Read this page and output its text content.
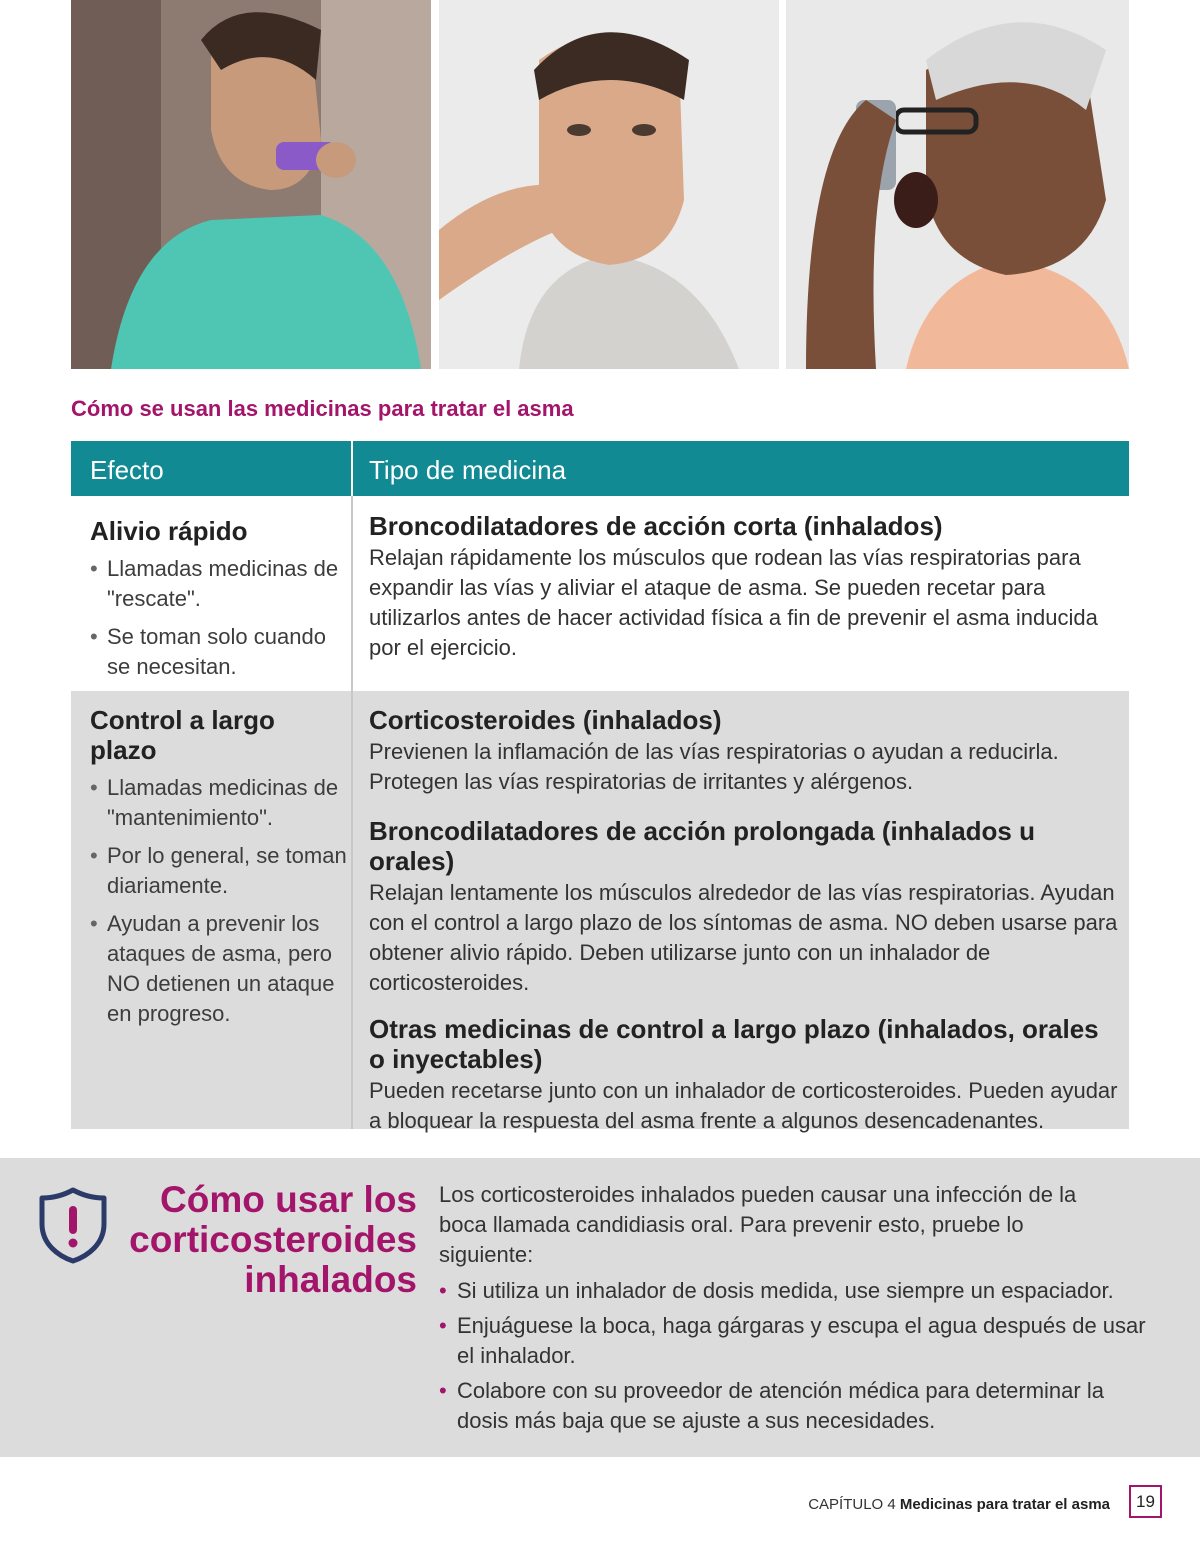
Cómo se usan las medicinas para tratar el asma
Efecto	Tipo de medicina
Alivio rápido
• Llamadas medicinas de "rescate".
• Se toman solo cuando se necesitan.
Broncodilatadores de acción corta (inhalados)

Relajan rápidamente los músculos que rodean las vías respiratorias para expandir las vías y aliviar el ataque de asma. Se pueden recetar para utilizarlos antes de hacer actividad física a fin de prevenir el asma inducida por el ejercicio.

Control a largo plazo
• Llamadas medicinas de "mantenimiento".
• Por lo general, se toman diariamente.
• Ayudan a prevenir los ataques de asma, pero NO detienen un ataque en progreso.
Corticosteroides (inhalados)

Previenen la inflamación de las vías respiratorias o ayudan a reducirla. Protegen las vías respiratorias de irritantes y alérgenos.

Broncodilatadores de acción prolongada (inhalados u orales)

Relajan lentamente los músculos alrededor de las vías respiratorias. Ayudan con el control a largo plazo de los síntomas de asma. NO deben usarse para obtener alivio rápido. Deben utilizarse junto con un inhalador de corticosteroides.

Otras medicinas de control a largo plazo (inhalados, orales o inyectables)

Pueden recetarse junto con un inhalador de corticosteroides. Pueden ayudar a bloquear la respuesta del asma frente a algunos desencadenantes.

Cómo usar los corticosteroides inhalados

Los corticosteroides inhalados pueden causar una infección de la boca llamada candidiasis oral. Para prevenir esto, pruebe lo siguiente:

• Si utiliza un inhalador de dosis medida, use siempre un espaciador.
• Enjuáguese la boca, haga gárgaras y escupa el agua después de usar el inhalador.
• Colabore con su proveedor de atención médica para determinar la dosis más baja que se ajuste a sus necesidades.
CAPÍTULO 4 Medicinas para tratar el asma	19
